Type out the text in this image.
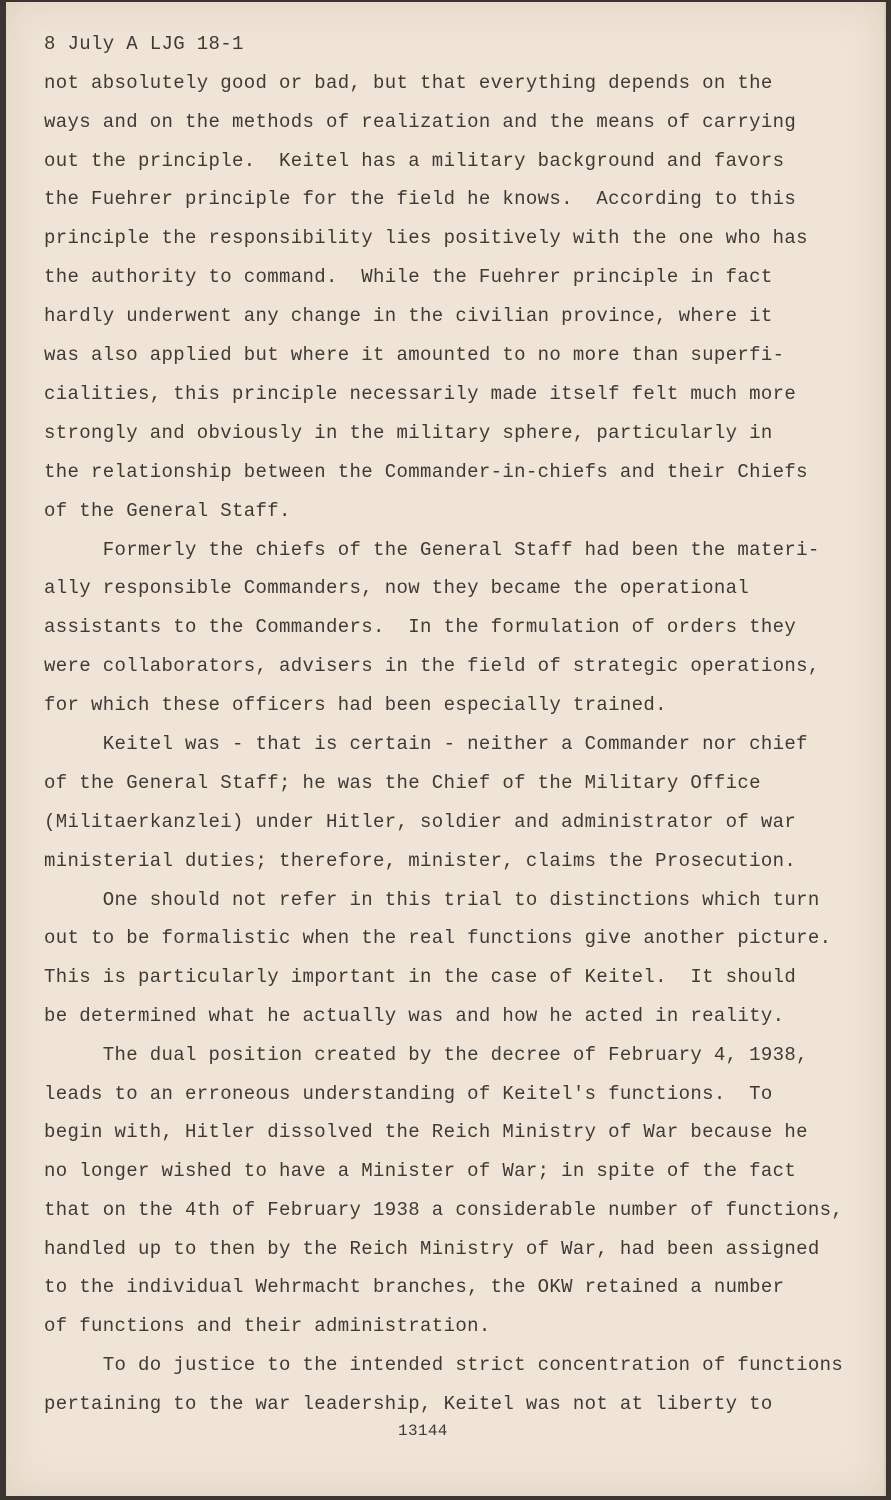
8 July A LJG 18-1

not absolutely good or bad, but that everything depends on the

ways and on the methods of realization and the means of carrying

out the principle.  Keitel has a military background and favors

the Fuehrer principle for the field he knows.  According to this

principle the responsibility lies positively with the one who has

the authority to command.  While the Fuehrer principle in fact

hardly underwent any change in the civilian province, where it

was also applied but where it amounted to no more than superfi-

cialities, this principle necessarily made itself felt much more

strongly and obviously in the military sphere, particularly in

the relationship between the Commander-in-chiefs and their Chiefs

of the General Staff.

Formerly the chiefs of the General Staff had been the materi-

ally responsible Commanders, now they became the operational

assistants to the Commanders.  In the formulation of orders they

were collaborators, advisers in the field of strategic operations,

for which these officers had been especially trained.

Keitel was - that is certain - neither a Commander nor chief

of the General Staff; he was the Chief of the Military Office

(Militaerkanzlei) under Hitler, soldier and administrator of war

ministerial duties; therefore, minister, claims the Prosecution.

One should not refer in this trial to distinctions which turn

out to be formalistic when the real functions give another picture.

This is particularly important in the case of Keitel.  It should

be determined what he actually was and how he acted in reality.

The dual position created by the decree of February 4, 1938,

leads to an erroneous understanding of Keitel's functions.  To

begin with, Hitler dissolved the Reich Ministry of War because he

no longer wished to have a Minister of War; in spite of the fact

that on the 4th of February 1938 a considerable number of functions,

handled up to then by the Reich Ministry of War, had been assigned

to the individual Wehrmacht branches, the OKW retained a number

of functions and their administration.

To do justice to the intended strict concentration of functions

pertaining to the war leadership, Keitel was not at liberty to

13144
